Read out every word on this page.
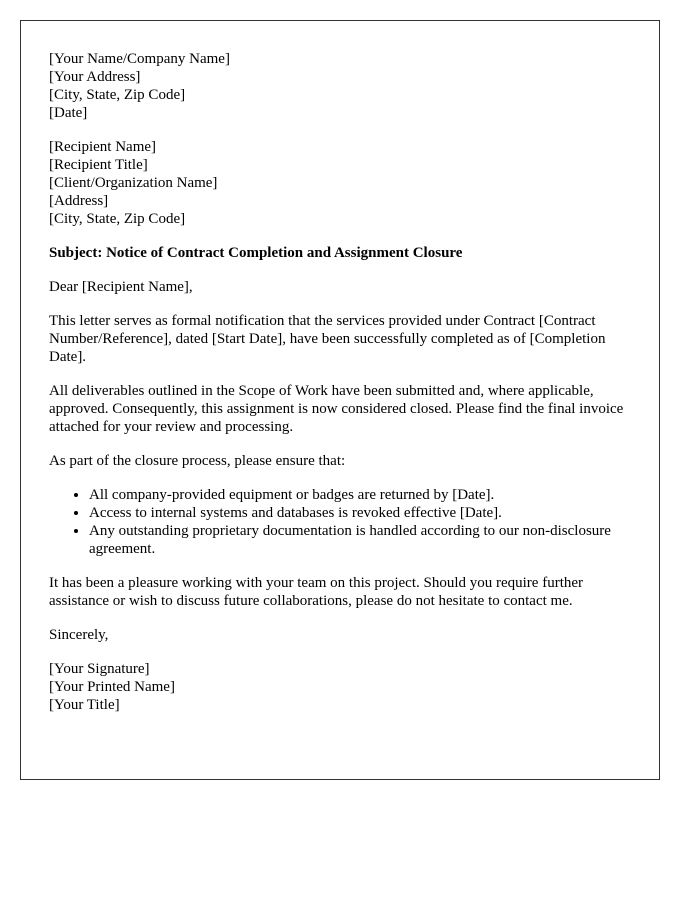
[Your Name/Company Name]
[Your Address]
[City, State, Zip Code]
[Date]
[Recipient Name]
[Recipient Title]
[Client/Organization Name]
[Address]
[City, State, Zip Code]

Subject: Notice of Contract Completion and Assignment Closure

Dear [Recipient Name],

This letter serves as formal notification that the services provided under Contract [Contract Number/Reference], dated [Start Date], have been successfully completed as of [Completion Date].

All deliverables outlined in the Scope of Work have been submitted and, where applicable, approved. Consequently, this assignment is now considered closed. Please find the final invoice attached for your review and processing.

As part of the closure process, please ensure that:

• All company-provided equipment or badges are returned by [Date].
• Access to internal systems and databases is revoked effective [Date].
• Any outstanding proprietary documentation is handled according to our non-disclosure agreement.

It has been a pleasure working with your team on this project. Should you require further assistance or wish to discuss future collaborations, please do not hesitate to contact me.

Sincerely,

[Your Signature]
[Your Printed Name]
[Your Title]
